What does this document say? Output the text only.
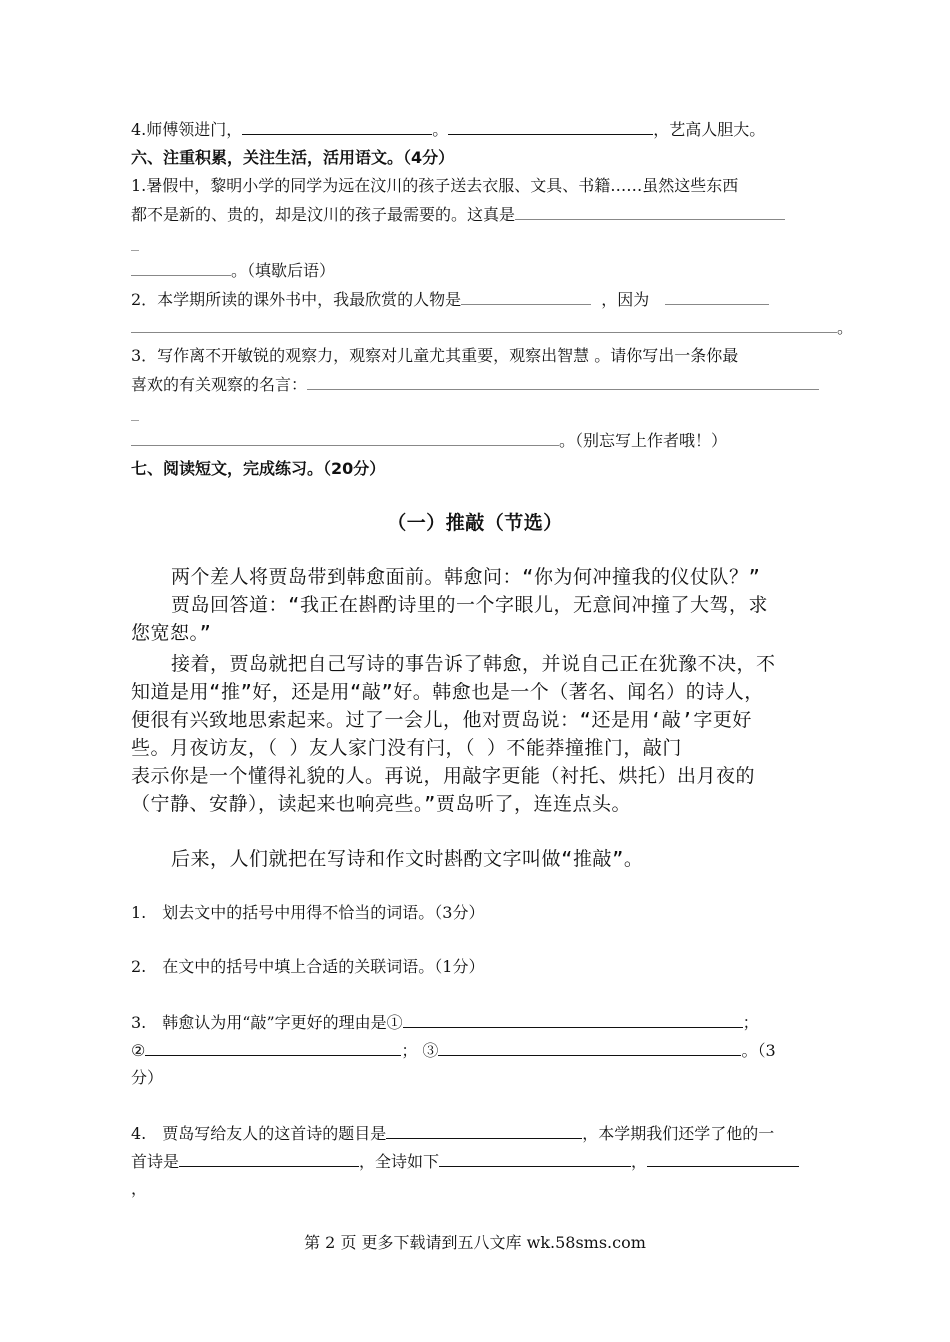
4.师傅领进门，	。	，艺高人胆大。
六、注重积累，关注生活，活用语文。（4分）
1.暑假中，黎明小学的同学为远在汶川的孩子送去衣服、文具、书籍……虽然这些东西
都不是新的、贵的，却是汶川的孩子最需要的。这真是
_
。（填歇后语）
2．本学期所读的课外书中，我最欣赏的人物是	，因为
。
3．写作离不开敏锐的观察力，观察对儿童尤其重要，观察出智慧 。请你写出一条你最
喜欢的有关观察的名言：
_
。（别忘写上作者哦！）
七、阅读短文，完成练习。（20分）
（一）推敲（节选）
两个差人将贾岛带到韩愈面前。韩愈问：“你为何冲撞我的仪仗队？”
贾岛回答道：“我正在斟酌诗里的一个字眼儿，无意间冲撞了大驾，求
您宽恕。”
接着，贾岛就把自己写诗的事告诉了韩愈，并说自己正在犹豫不决，不
知道是用“推”好，还是用“敲”好。韩愈也是一个（著名、闻名）的诗人，
便很有兴致地思索起来。过了一会儿，他对贾岛说：“还是用‘敲’字更好
些。月夜访友，（ ）友人家门没有闩，（ ）不能莽撞推门，敲门
表示你是一个懂得礼貌的人。再说，用敲字更能（衬托、烘托）出月夜的
（宁静、安静），读起来也响亮些。”贾岛听了，连连点头。
后来，人们就把在写诗和作文时斟酌文字叫做“推敲”。
1.　划去文中的括号中用得不恰当的词语。（3分）
2.　在文中的括号中填上合适的关联词语。（1分）
3.　韩愈认为用“敲”字更好的理由是①	；
②	； ③	。（3
分）
4.　贾岛写给友人的这首诗的题目是	，本学期我们还学了他的一
首诗是	，全诗如下	，
，
第 2 页 更多下载请到五八文库 wk.58sms.com
